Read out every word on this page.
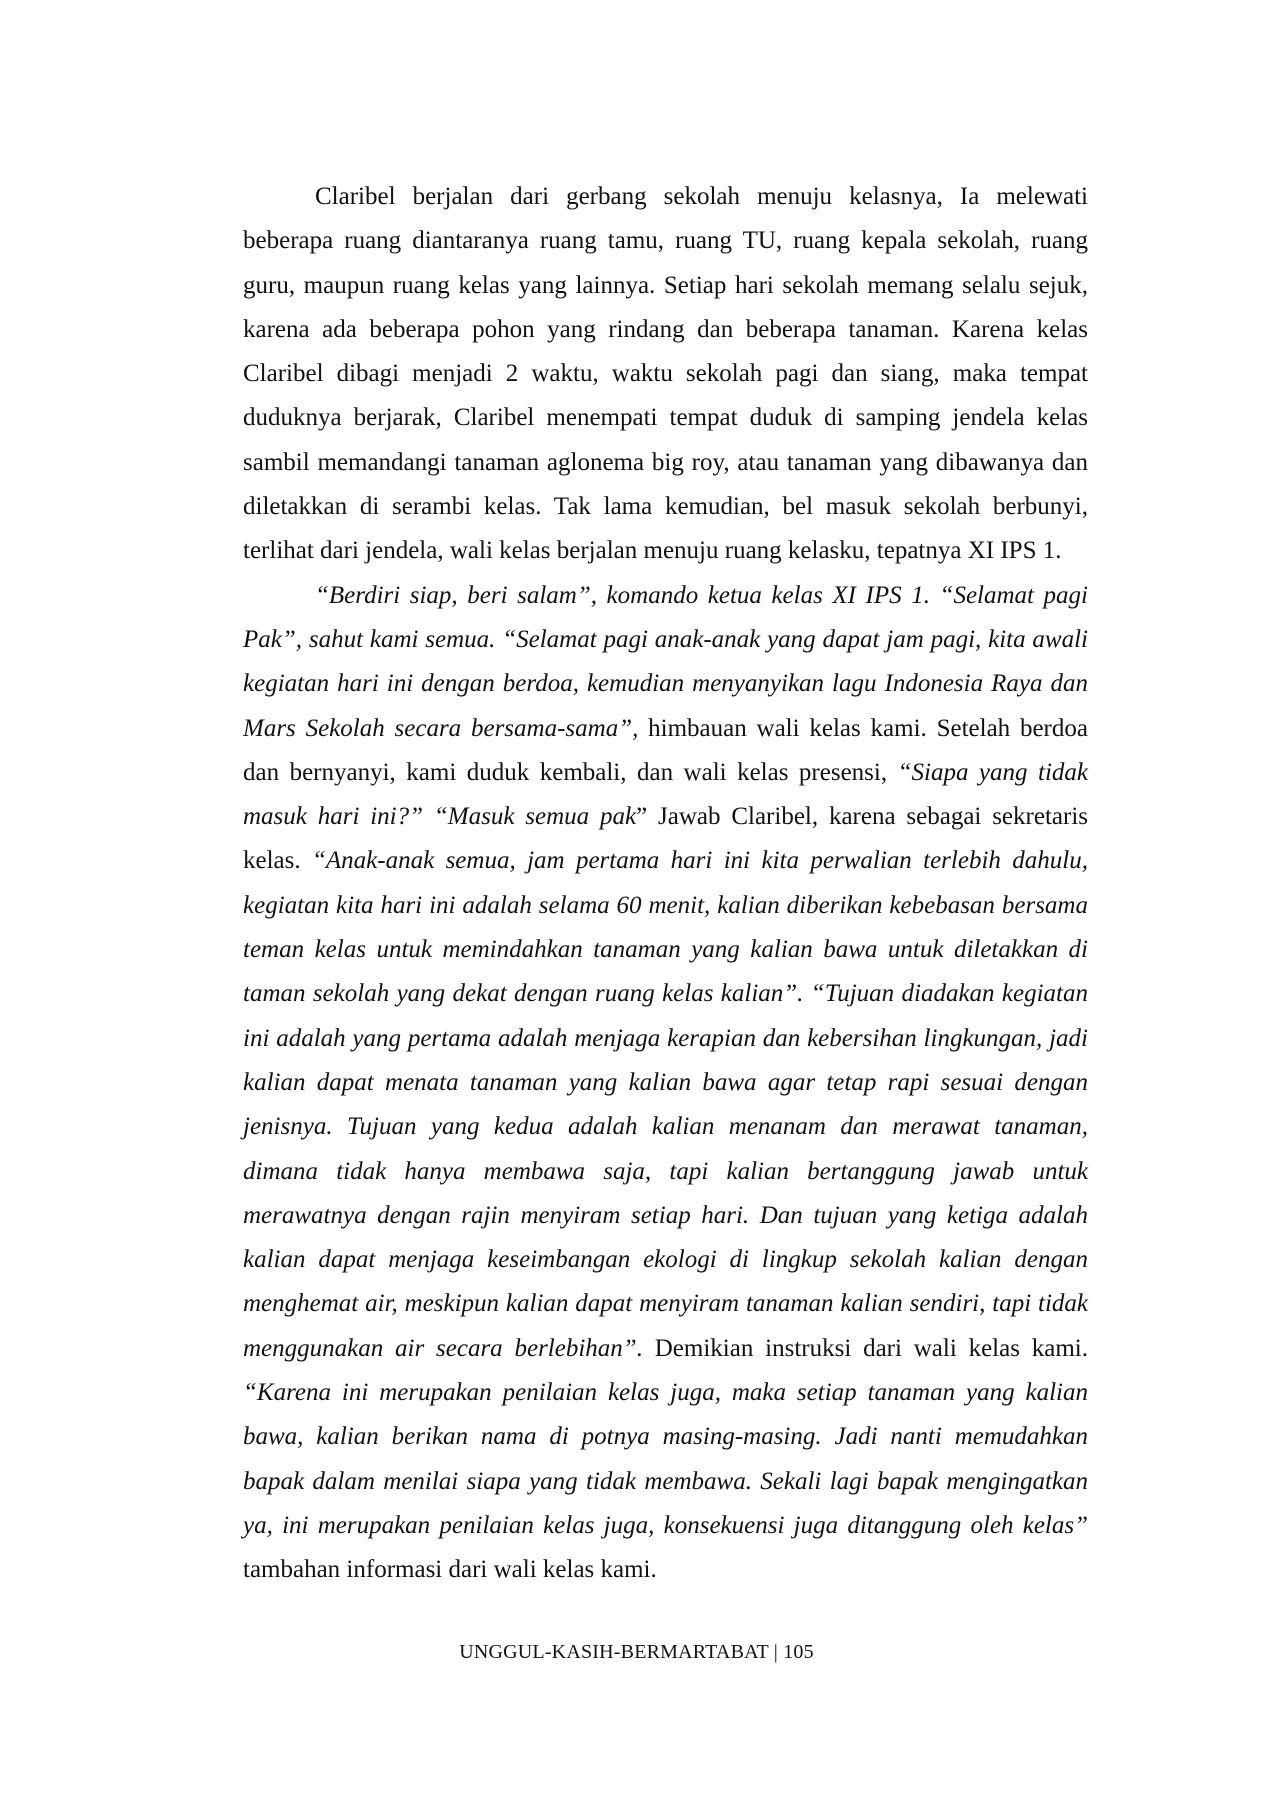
Claribel berjalan dari gerbang sekolah menuju kelasnya, Ia melewati beberapa ruang diantaranya ruang tamu, ruang TU, ruang kepala sekolah, ruang guru, maupun ruang kelas yang lainnya. Setiap hari sekolah memang selalu sejuk, karena ada beberapa pohon yang rindang dan beberapa tanaman. Karena kelas Claribel dibagi menjadi 2 waktu, waktu sekolah pagi dan siang, maka tempat duduknya berjarak, Claribel menempati tempat duduk di samping jendela kelas sambil memandangi tanaman aglonema big roy, atau tanaman yang dibawanya dan diletakkan di serambi kelas. Tak lama kemudian, bel masuk sekolah berbunyi, terlihat dari jendela, wali kelas berjalan menuju ruang kelasku, tepatnya XI IPS 1.

“Berdiri siap, beri salam”, komando ketua kelas XI IPS 1. “Selamat pagi Pak”, sahut kami semua. “Selamat pagi anak-anak yang dapat jam pagi, kita awali kegiatan hari ini dengan berdoa, kemudian menyanyikan lagu Indonesia Raya dan Mars Sekolah secara bersama-sama”, himbauan wali kelas kami. Setelah berdoa dan bernyanyi, kami duduk kembali, dan wali kelas presensi, “Siapa yang tidak masuk hari ini?” “Masuk semua pak” Jawab Claribel, karena sebagai sekretaris kelas. “Anak-anak semua, jam pertama hari ini kita perwalian terlebih dahulu, kegiatan kita hari ini adalah selama 60 menit, kalian diberikan kebebasan bersama teman kelas untuk memindahkan tanaman yang kalian bawa untuk diletakkan di taman sekolah yang dekat dengan ruang kelas kalian”. “Tujuan diadakan kegiatan ini adalah yang pertama adalah menjaga kerapian dan kebersihan lingkungan, jadi kalian dapat menata tanaman yang kalian bawa agar tetap rapi sesuai dengan jenisnya. Tujuan yang kedua adalah kalian menanam dan merawat tanaman, dimana tidak hanya membawa saja, tapi kalian bertanggung jawab untuk merawatnya dengan rajin menyiram setiap hari. Dan tujuan yang ketiga adalah kalian dapat menjaga keseimbangan ekologi di lingkup sekolah kalian dengan menghemat air, meskipun kalian dapat menyiram tanaman kalian sendiri, tapi tidak menggunakan air secara berlebihan”. Demikian instruksi dari wali kelas kami. “Karena ini merupakan penilaian kelas juga, maka setiap tanaman yang kalian bawa, kalian berikan nama di potnya masing-masing. Jadi nanti memudahkan bapak dalam menilai siapa yang tidak membawa. Sekali lagi bapak mengingatkan ya, ini merupakan penilaian kelas juga, konsekuensi juga ditanggung oleh kelas” tambahan informasi dari wali kelas kami.

UNGGUL-KASIH-BERMARTABAT | 105
